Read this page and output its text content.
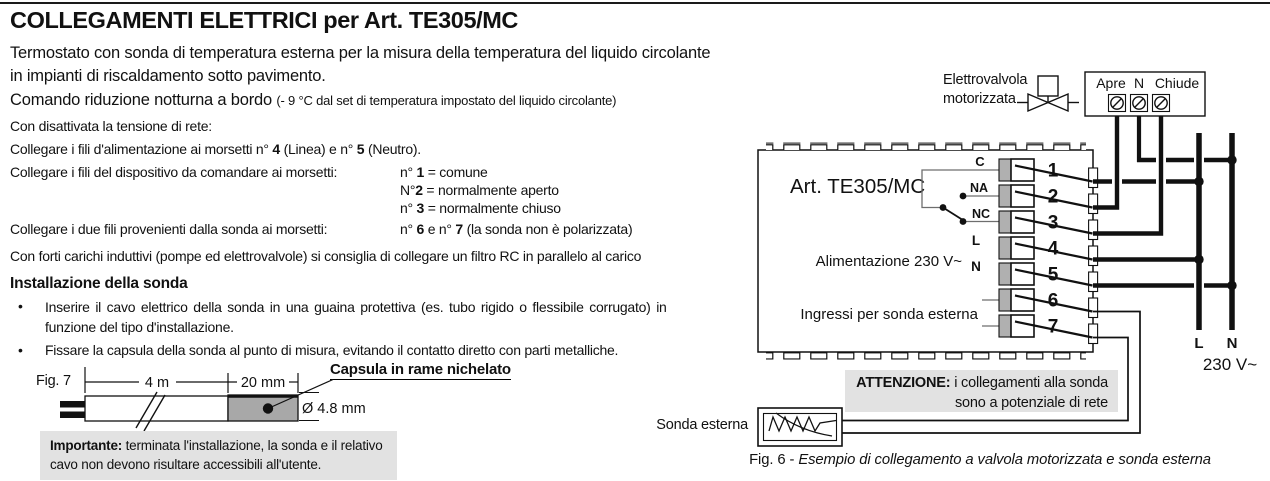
COLLEGAMENTI ELETTRICI per Art. TE305/MC
Termostato con sonda di temperatura esterna per la misura della temperatura del liquido circolante
in impianti di riscaldamento sotto pavimento.
Comando riduzione notturna a bordo (- 9 °C dal set di temperatura impostato del liquido circolante)
Con disattivata la tensione di rete:
Collegare i fili d'alimentazione ai morsetti n° 4 (Linea) e n° 5 (Neutro).
Collegare i fili del dispositivo da comandare ai morsetti:	n° 1 = comune
N°2 = normalmente aperto
n° 3 = normalmente chiuso
Collegare i due fili provenienti dalla sonda ai morsetti:	n° 6 e n° 7 (la sonda non è polarizzata)
Con forti carichi induttivi (pompe ed elettrovalvole) si consiglia di collegare un filtro RC in parallelo al carico
Installazione della sonda
• Inserire il cavo elettrico della sonda in una guaina protettiva (es. tubo rigido o flessibile corrugato) in
funzione del tipo d'installazione.
• Fissare la capsula della sonda al punto di misura, evitando il contatto diretto con parti metalliche.
Fig. 7
Capsula in rame nichelato
4 m	20 mm
Ø 4.8 mm
Importante: terminata l'installazione, la sonda e il relativo
cavo non devono risultare accessibili all'utente.
Apre N Chiude
Art. TE305/MC
C
NA
NC
L
N
Alimentazione 230 V~
Ingressi per sonda esterna
1
2
3
4
5
6
7
L N
230 V~
Elettrovalvola
motorizzata
ATTENZIONE: i collegamenti alla sonda
sono a potenziale di rete
Sonda esterna
Fig. 6 - Esempio di collegamento a valvola motorizzata e sonda esterna
